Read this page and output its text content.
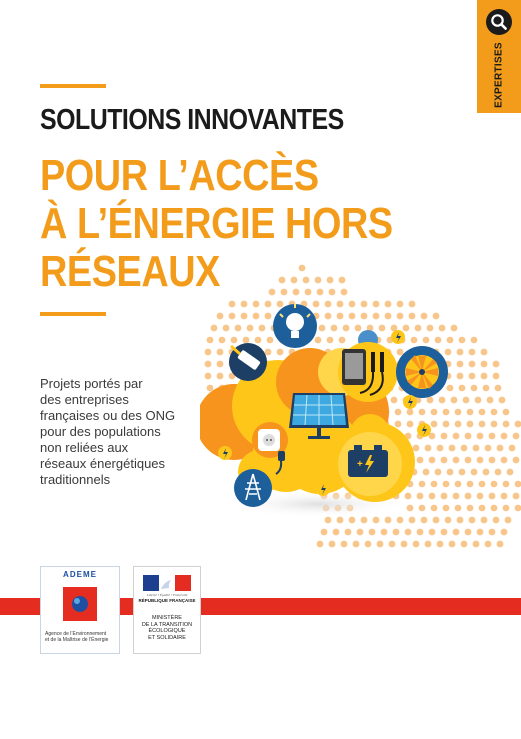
EXPERTISES
SOLUTIONS INNOVANTES
POUR L’ACCÈS
À L’ÉNERGIE HORS
RÉSEAUX
Projets portés par
des entreprises
françaises ou des ONG
pour des populations
non reliées aux
réseaux énergétiques
traditionnels
+
ADEME
Agence de l’Environnement
et de la Maîtrise de l’Énergie
Liberté • Égalité • Fraternité
RÉPUBLIQUE FRANÇAISE
MINISTÈRE
DE LA TRANSITION
ÉCOLOGIQUE
ET SOLIDAIRE
